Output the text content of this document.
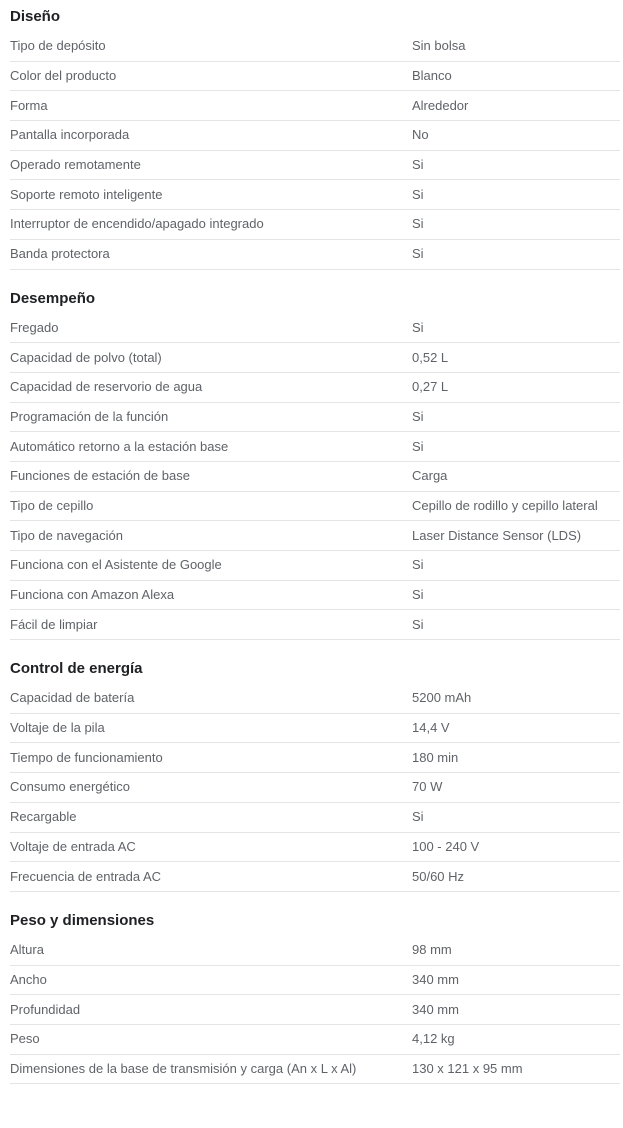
Diseño
Tipo de depósito	Sin bolsa
Color del producto	Blanco
Forma	Alrededor
Pantalla incorporada	No
Operado remotamente	Si
Soporte remoto inteligente	Si
Interruptor de encendido/apagado integrado	Si
Banda protectora	Si
Desempeño
Fregado	Si
Capacidad de polvo (total)	0,52 L
Capacidad de reservorio de agua	0,27 L
Programación de la función	Si
Automático retorno a la estación base	Si
Funciones de estación de base	Carga
Tipo de cepillo	Cepillo de rodillo y cepillo lateral
Tipo de navegación	Laser Distance Sensor (LDS)
Funciona con el Asistente de Google	Si
Funciona con Amazon Alexa	Si
Fácil de limpiar	Si
Control de energía
Capacidad de batería	5200 mAh
Voltaje de la pila	14,4 V
Tiempo de funcionamiento	180 min
Consumo energético	70 W
Recargable	Si
Voltaje de entrada AC	100 - 240 V
Frecuencia de entrada AC	50/60 Hz
Peso y dimensiones
Altura	98 mm
Ancho	340 mm
Profundidad	340 mm
Peso	4,12 kg
Dimensiones de la base de transmisión y carga (An x L x Al)	130 x 121 x 95 mm
